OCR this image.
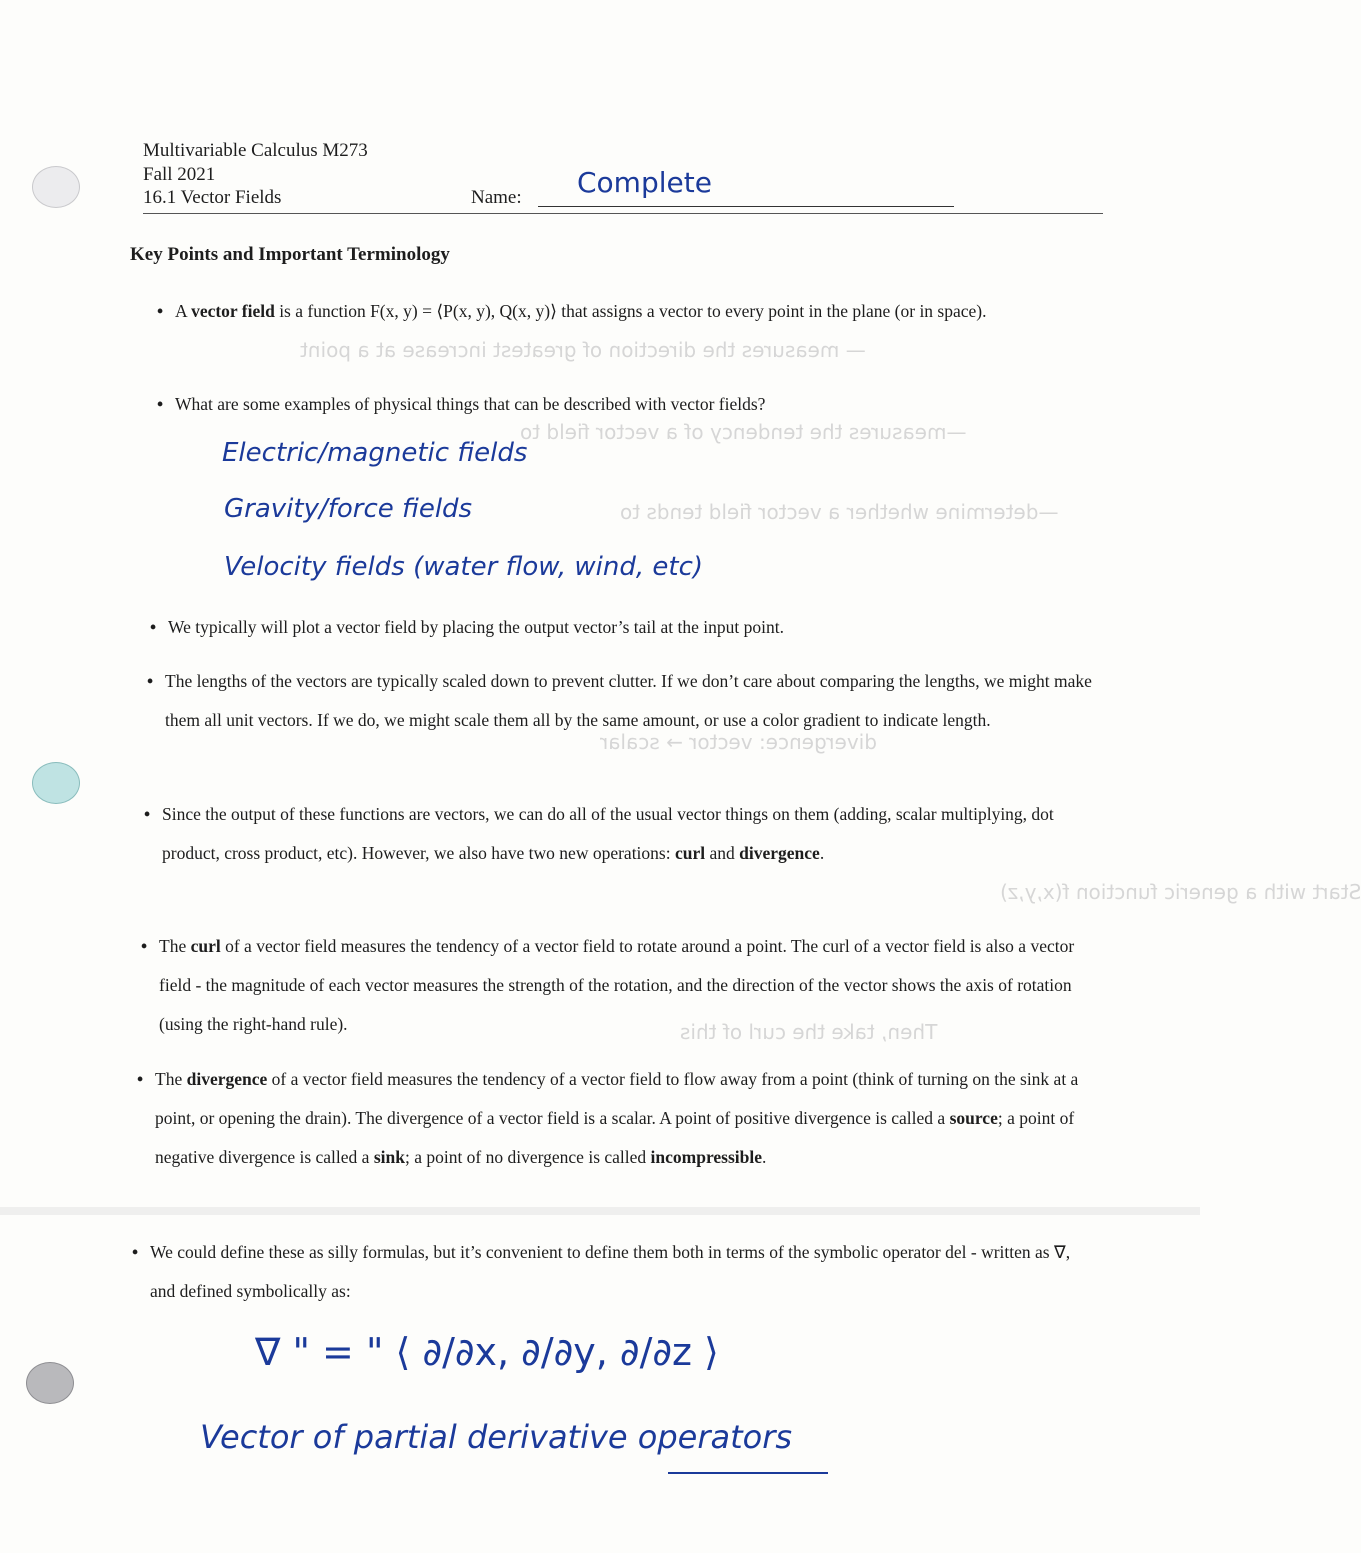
— measures the direction of greatest increase at a point
—measures the tendency of a vector field to
—determine whether a vector field tends to
divergence: vector → scalar
Start with a generic function f(x,y,z)
Then, take the curl of this
Multivariable Calculus M273
Fall 2021
16.1 Vector Fields	Name: Complete
Key Points and Important Terminology
• A vector field is a function F(x, y) = ⟨P(x, y), Q(x, y)⟩ that assigns a vector to every point in the plane (or in space).
• What are some examples of physical things that can be described with vector fields?
Electric/magnetic fields
Gravity/force fields
Velocity fields (water flow, wind, etc)
• We typically will plot a vector field by placing the output vector’s tail at the input point.
• The lengths of the vectors are typically scaled down to prevent clutter. If we don’t care about comparing the lengths, we might make them all unit vectors. If we do, we might scale them all by the same amount, or use a color gradient to indicate length.
• Since the output of these functions are vectors, we can do all of the usual vector things on them (adding, scalar multiplying, dot product, cross product, etc). However, we also have two new operations: curl and divergence.
• The curl of a vector field measures the tendency of a vector field to rotate around a point. The curl of a vector field is also a vector field - the magnitude of each vector measures the strength of the rotation, and the direction of the vector shows the axis of rotation (using the right-hand rule).
• The divergence of a vector field measures the tendency of a vector field to flow away from a point (think of turning on the sink at a point, or opening the drain). The divergence of a vector field is a scalar. A point of positive divergence is called a source; a point of negative divergence is called a sink; a point of no divergence is called incompressible.
• We could define these as silly formulas, but it’s convenient to define them both in terms of the symbolic operator del - written as ∇, and defined symbolically as:
∇ " = " ⟨ ∂/∂x, ∂/∂y, ∂/∂z ⟩
Vector of partial derivative operators
